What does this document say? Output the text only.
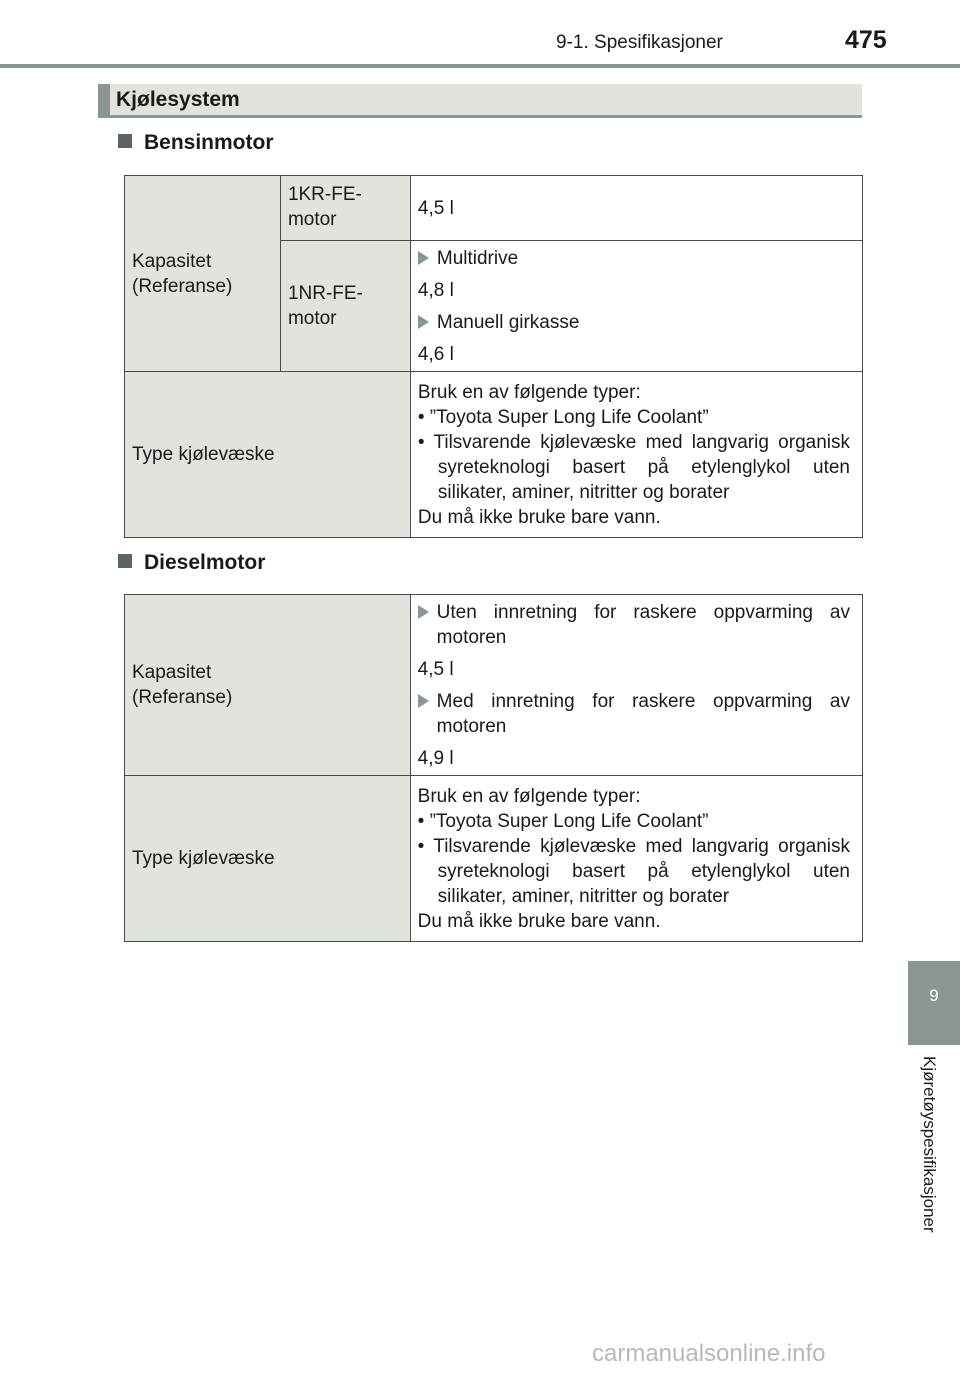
9-1. Spesifikasjoner	475
Kjølesystem
Bensinmotor
Kapasitet (Referanse)	1KR-FE-motor	4,5 l

	1NR-FE-motor	Multidrive
4,8 l
Manuell girkasse
4,6 l

Type kjølevæske		Bruk en av følgende typer:
• ”Toyota Super Long Life Coolant”
• Tilsvarende kjølevæske med langvarig organisk syreteknologi basert på etylenglykol uten silikater, aminer, nitritter og borater
Du må ikke bruke bare vann.
Dieselmotor
Kapasitet (Referanse)	Uten innretning for raskere oppvarming av motoren
4,5 l
Med innretning for raskere oppvarming av motoren
4,9 l

Type kjølevæske	Bruk en av følgende typer:
• ”Toyota Super Long Life Coolant”
• Tilsvarende kjølevæske med langvarig organisk syreteknologi basert på etylenglykol uten silikater, aminer, nitritter og borater
Du må ikke bruke bare vann.
9
Kjøretøyspesifikasjoner
carmanualsonline.info
